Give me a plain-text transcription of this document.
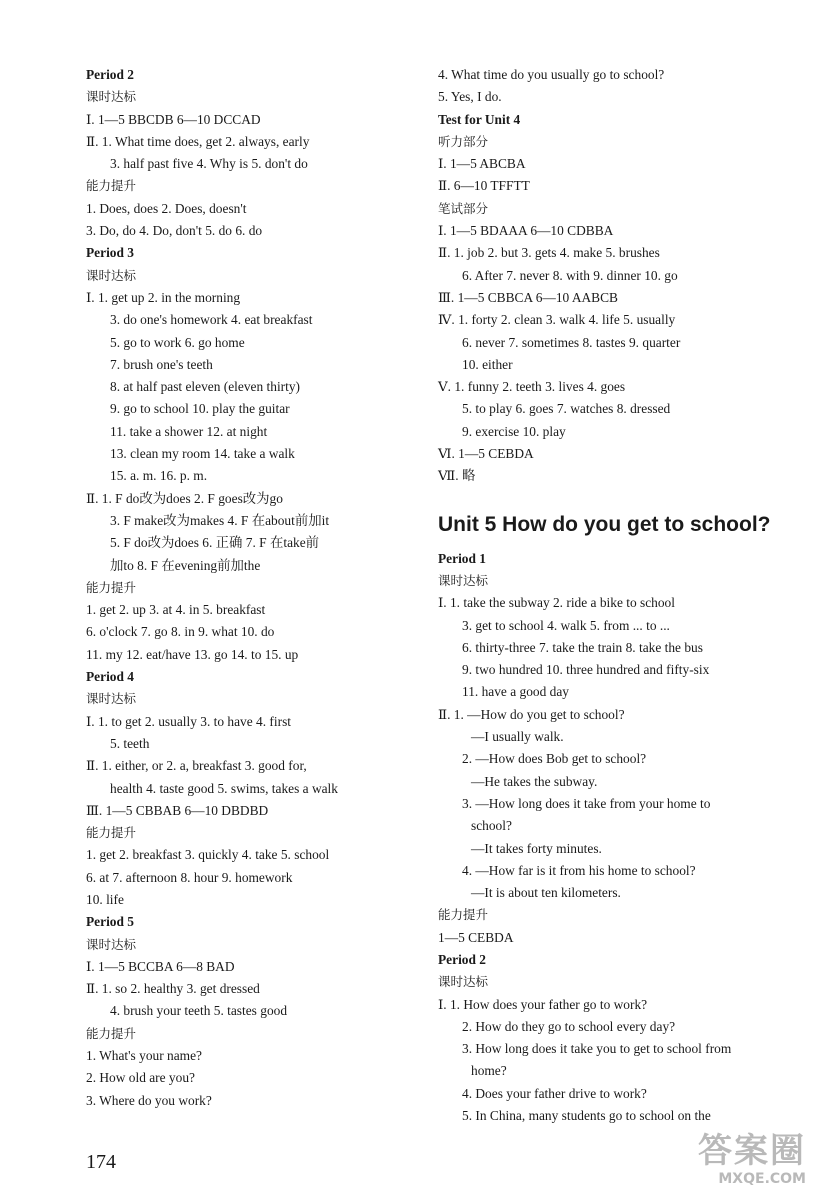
Period 2
课时达标
Ⅰ. 1—5 BBCDB 6—10 DCCAD
Ⅱ. 1. What time does, get 2. always, early
3. half past five 4. Why is 5. don't do
能力提升
1. Does, does 2. Does, doesn't
3. Do, do 4. Do, don't 5. do 6. do
Period 3
课时达标
Ⅰ. 1. get up 2. in the morning
3. do one's homework 4. eat breakfast
5. go to work 6. go home
7. brush one's teeth
8. at half past eleven (eleven thirty)
9. go to school 10. play the guitar
11. take a shower 12. at night
13. clean my room 14. take a walk
15. a. m. 16. p. m.
Ⅱ. 1. F do改为does 2. F goes改为go
3. F make改为makes 4. F 在about前加it
5. F do改为does 6. 正确 7. F 在take前
加to 8. F 在evening前加the
能力提升
1. get 2. up 3. at 4. in 5. breakfast
6. o'clock 7. go 8. in 9. what 10. do
11. my 12. eat/have 13. go 14. to 15. up
Period 4
课时达标
Ⅰ. 1. to get 2. usually 3. to have 4. first
5. teeth
Ⅱ. 1. either, or 2. a, breakfast 3. good for,
health 4. taste good 5. swims, takes a walk
Ⅲ. 1—5 CBBAB 6—10 DBDBD
能力提升
1. get 2. breakfast 3. quickly 4. take 5. school
6. at 7. afternoon 8. hour 9. homework
10. life
Period 5
课时达标
Ⅰ. 1—5 BCCBA 6—8 BAD
Ⅱ. 1. so 2. healthy 3. get dressed
4. brush your teeth 5. tastes good
能力提升
1. What's your name?
2. How old are you?
3. Where do you work?
4. What time do you usually go to school?
5. Yes, I do.
Test for Unit 4
听力部分
Ⅰ. 1—5 ABCBA
Ⅱ. 6—10 TFFTT
笔试部分
Ⅰ. 1—5 BDAAA 6—10 CDBBA
Ⅱ. 1. job 2. but 3. gets 4. make 5. brushes
6. After 7. never 8. with 9. dinner 10. go
Ⅲ. 1—5 CBBCA 6—10 AABCB
Ⅳ. 1. forty 2. clean 3. walk 4. life 5. usually
6. never 7. sometimes 8. tastes 9. quarter
10. either
Ⅴ. 1. funny 2. teeth 3. lives 4. goes
5. to play 6. goes 7. watches 8. dressed
9. exercise 10. play
Ⅵ. 1—5 CEBDA
Ⅶ. 略
Unit 5 How do you get to school?
Period 1
课时达标
Ⅰ. 1. take the subway 2. ride a bike to school
3. get to school 4. walk 5. from ... to ...
6. thirty-three 7. take the train 8. take the bus
9. two hundred 10. three hundred and fifty-six
11. have a good day
Ⅱ. 1. —How do you get to school?
—I usually walk.
2. —How does Bob get to school?
—He takes the subway.
3. —How long does it take from your home to
school?
—It takes forty minutes.
4. —How far is it from his home to school?
—It is about ten kilometers.
能力提升
1—5 CEBDA
Period 2
课时达标
Ⅰ. 1. How does your father go to work?
2. How do they go to school every day?
3. How long does it take you to get to school from
home?
4. Does your father drive to work?
5. In China, many students go to school on the
174	答案圈
MXQE.COM
